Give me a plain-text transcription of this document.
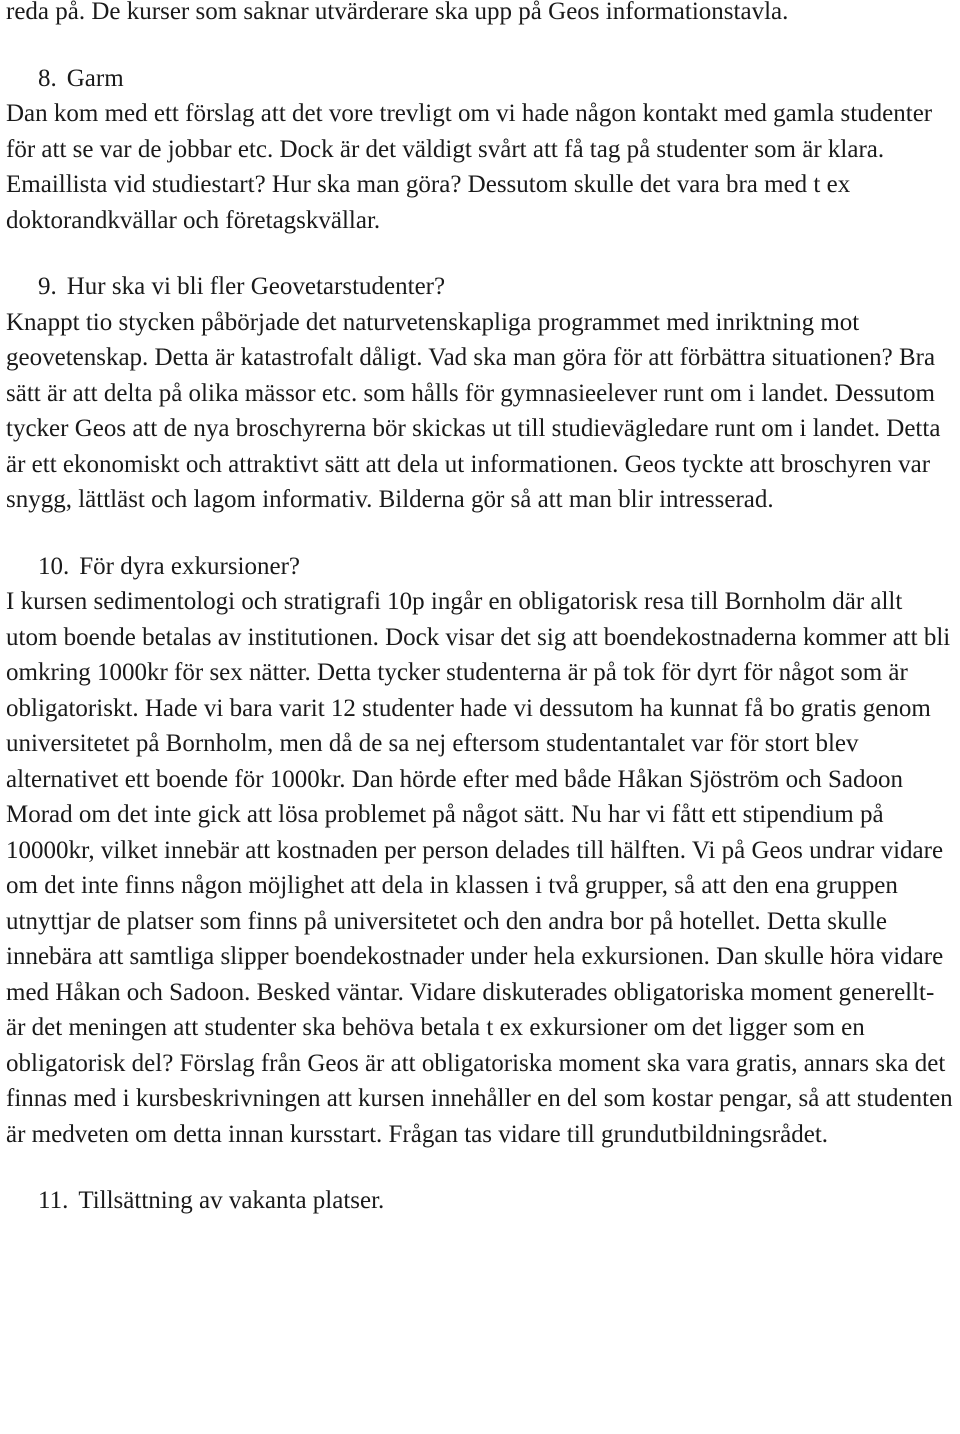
reda på. De kurser som saknar utvärderare ska upp på Geos informationstavla.

8. Garm

Dan kom med ett förslag att det vore trevligt om vi hade någon kontakt med gamla studenter för att se var de jobbar etc. Dock är det väldigt svårt att få tag på studenter som är klara. Emaillista vid studiestart? Hur ska man göra? Dessutom skulle det vara bra med t ex doktorandkvällar och företagskvällar.

9. Hur ska vi bli fler Geovetarstudenter?

Knappt tio stycken påbörjade det naturvetenskapliga programmet med inriktning mot geovetenskap. Detta är katastrofalt dåligt. Vad ska man göra för att förbättra situationen? Bra sätt är att delta på olika mässor etc. som hålls för gymnasieelever runt om i landet. Dessutom tycker Geos att de nya broschyrerna bör skickas ut till studievägledare runt om i landet. Detta är ett ekonomiskt och attraktivt sätt att dela ut informationen. Geos tyckte att broschyren var snygg, lättläst och lagom informativ. Bilderna gör så att man blir intresserad.

10. För dyra exkursioner?

I kursen sedimentologi och stratigrafi 10p ingår en obligatorisk resa till Bornholm där allt utom boende betalas av institutionen. Dock visar det sig att boendekostnaderna kommer att bli omkring 1000kr för sex nätter. Detta tycker studenterna är på tok för dyrt för något som är obligatoriskt. Hade vi bara varit 12 studenter hade vi dessutom ha kunnat få bo gratis genom universitetet på Bornholm, men då de sa nej eftersom studentantalet var för stort blev alternativet ett boende för 1000kr. Dan hörde efter med både Håkan Sjöström och Sadoon Morad om det inte gick att lösa problemet på något sätt. Nu har vi fått ett stipendium på 10000kr, vilket innebär att kostnaden per person delades till hälften. Vi på Geos undrar vidare om det inte finns någon möjlighet att dela in klassen i två grupper, så att den ena gruppen utnyttjar de platser som finns på universitetet och den andra bor på hotellet. Detta skulle innebära att samtliga slipper boendekostnader under hela exkursionen. Dan skulle höra vidare med Håkan och Sadoon. Besked väntar. Vidare diskuterades obligatoriska moment generellt- är det meningen att studenter ska behöva betala t ex exkursioner om det ligger som en obligatorisk del? Förslag från Geos är att obligatoriska moment ska vara gratis, annars ska det finnas med i kursbeskrivningen att kursen innehåller en del som kostar pengar, så att studenten är medveten om detta innan kursstart. Frågan tas vidare till grundutbildningsrådet.

11. Tillsättning av vakanta platser.
